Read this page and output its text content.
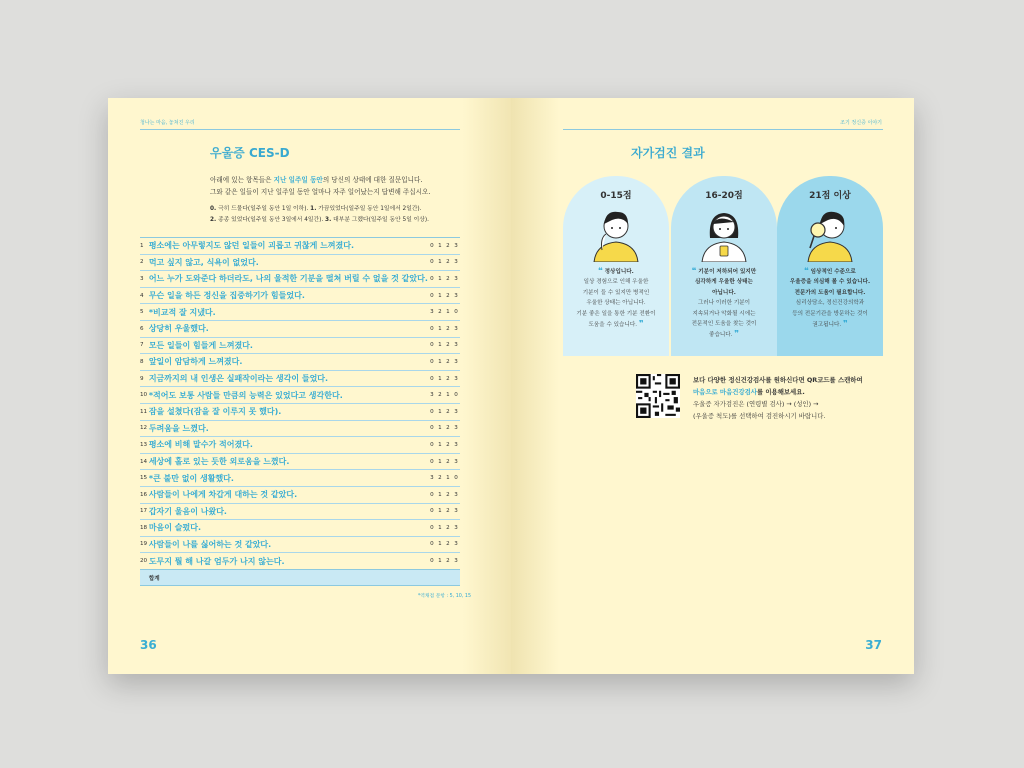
청나는 마음, 놓쳐진 우리
우울증 CES-D
아래에 있는 항목들은 지난 일주일 동안의 당신의 상태에 대한 질문입니다.
그와 같은 일들이 지난 일주일 동안 얼마나 자주 일어났는지 답변해 주십시오.
0. 극히 드물다(일주일 동안 1일 이하). 1. 가끔있었다(일주일 동안 1일에서 2일간).
2. 종종 있었다(일주일 동안 3일에서 4일간). 3. 대부분 그랬다(일주일 동안 5일 이상).
1	평소에는 아무렇지도 않던 일들이 괴롭고 귀찮게 느껴졌다.	0	1	2	3
2	먹고 싶지 않고, 식욕이 없었다.	0	1	2	3
3	어느 누가 도와준다 하더라도, 나의 울적한 기분을 떨쳐 버릴 수 없을 것 같았다.	0	1	2	3
4	무슨 일을 하든 정신을 집중하기가 힘들었다.	0	1	2	3
5	*비교적 잘 지냈다.	3	2	1	0
6	상당히 우울했다.	0	1	2	3
7	모든 일들이 힘들게 느껴졌다.	0	1	2	3
8	앞일이 암담하게 느껴졌다.	0	1	2	3
9	지금까지의 내 인생은 실패작이라는 생각이 들었다.	0	1	2	3
10	*적어도 보통 사람들 만큼의 능력은 있었다고 생각한다.	3	2	1	0
11	잠을 설쳤다(잠을 잘 이루지 못 했다).	0	1	2	3
12	두려움을 느꼈다.	0	1	2	3
13	평소에 비해 말수가 적어졌다.	0	1	2	3
14	세상에 홀로 있는 듯한 외로움을 느꼈다.	0	1	2	3
15	*큰 불만 없이 생활했다.	3	2	1	0
16	사람들이 나에게 차갑게 대하는 것 같았다.	0	1	2	3
17	갑자기 울음이 나왔다.	0	1	2	3
18	마음이 슬펐다.	0	1	2	3
19	사람들이 나를 싫어하는 것 같았다.	0	1	2	3
20	도무지 뭘 해 나갈 엄두가 나지 않는다.	0	1	2	3
	합계				
*역채점 문항 : 5, 10, 15
36
조기 정신증 이야기
자가검진 결과
0-15점
❝ 정상입니다.
일상 경험으로 인해 우울한
기분이 들 수 있지만 병적인
우울한 상태는 아닙니다.
기분 좋은 일을 통한 기분 전환이
도움을 수 있습니다. ❞
16-20점
❝ 기분이 저하되어 있지만
심각하게 우울한 상태는
아닙니다.
그러나 이러한 기분이
지속되거나 악화될 시에는
전문적인 도움을 찾는 것이
좋습니다. ❞
21점 이상
❝ 임상적인 수준으로
우울증을 의심해 볼 수 있습니다.
전문가의 도움이 필요합니다.
심리상담소, 정신건강의학과
등의 전문기관을 방문하는 것이
권고됩니다. ❞
보다 다양한 정신건강검사를 원하신다면 QR코드를 스캔하여
마음으로 마음건강검사를 이용해보세요.
우울증 자가검진은 (연령별 검사) → (성인) →
(우울증 척도)를 선택하여 검진하시기 바랍니다.
37
